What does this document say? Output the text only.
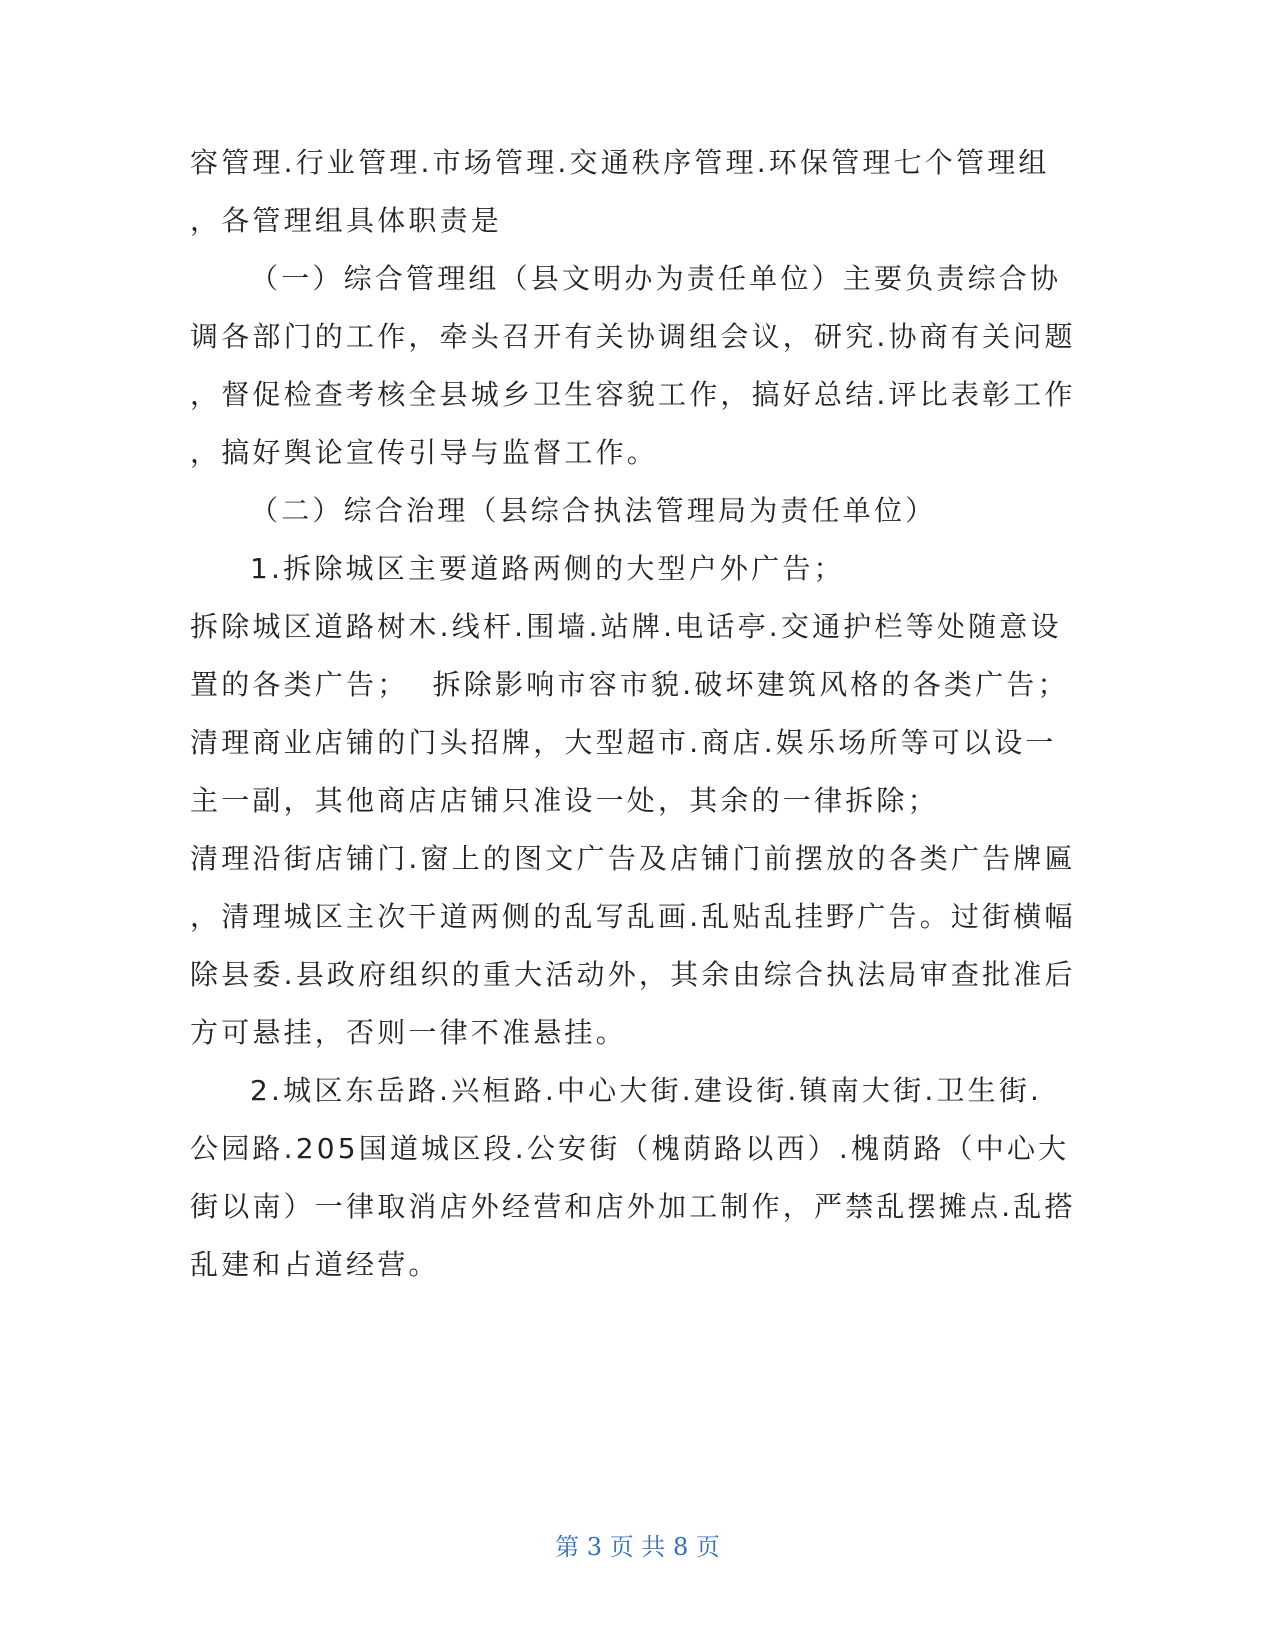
容管理.行业管理.市场管理.交通秩序管理.环保管理七个管理组
，各管理组具体职责是
（一）综合管理组（县文明办为责任单位）主要负责综合协
调各部门的工作，牵头召开有关协调组会议，研究.协商有关问题
，督促检查考核全县城乡卫生容貌工作，搞好总结.评比表彰工作
，搞好舆论宣传引导与监督工作。
（二）综合治理（县综合执法管理局为责任单位）
1.拆除城区主要道路两侧的大型户外广告；
拆除城区道路树木.线杆.围墙.站牌.电话亭.交通护栏等处随意设
置的各类广告；  拆除影响市容市貌.破坏建筑风格的各类广告；
清理商业店铺的门头招牌，大型超市.商店.娱乐场所等可以设一
主一副，其他商店店铺只准设一处，其余的一律拆除；
清理沿街店铺门.窗上的图文广告及店铺门前摆放的各类广告牌匾
，清理城区主次干道两侧的乱写乱画.乱贴乱挂野广告。过街横幅
除县委.县政府组织的重大活动外，其余由综合执法局审查批准后
方可悬挂，否则一律不准悬挂。
2.城区东岳路.兴桓路.中心大街.建设街.镇南大街.卫生街.
公园路.205国道城区段.公安街（槐荫路以西）.槐荫路（中心大
街以南）一律取消店外经营和店外加工制作，严禁乱摆摊点.乱搭
乱建和占道经营。
第 3 页 共 8 页
